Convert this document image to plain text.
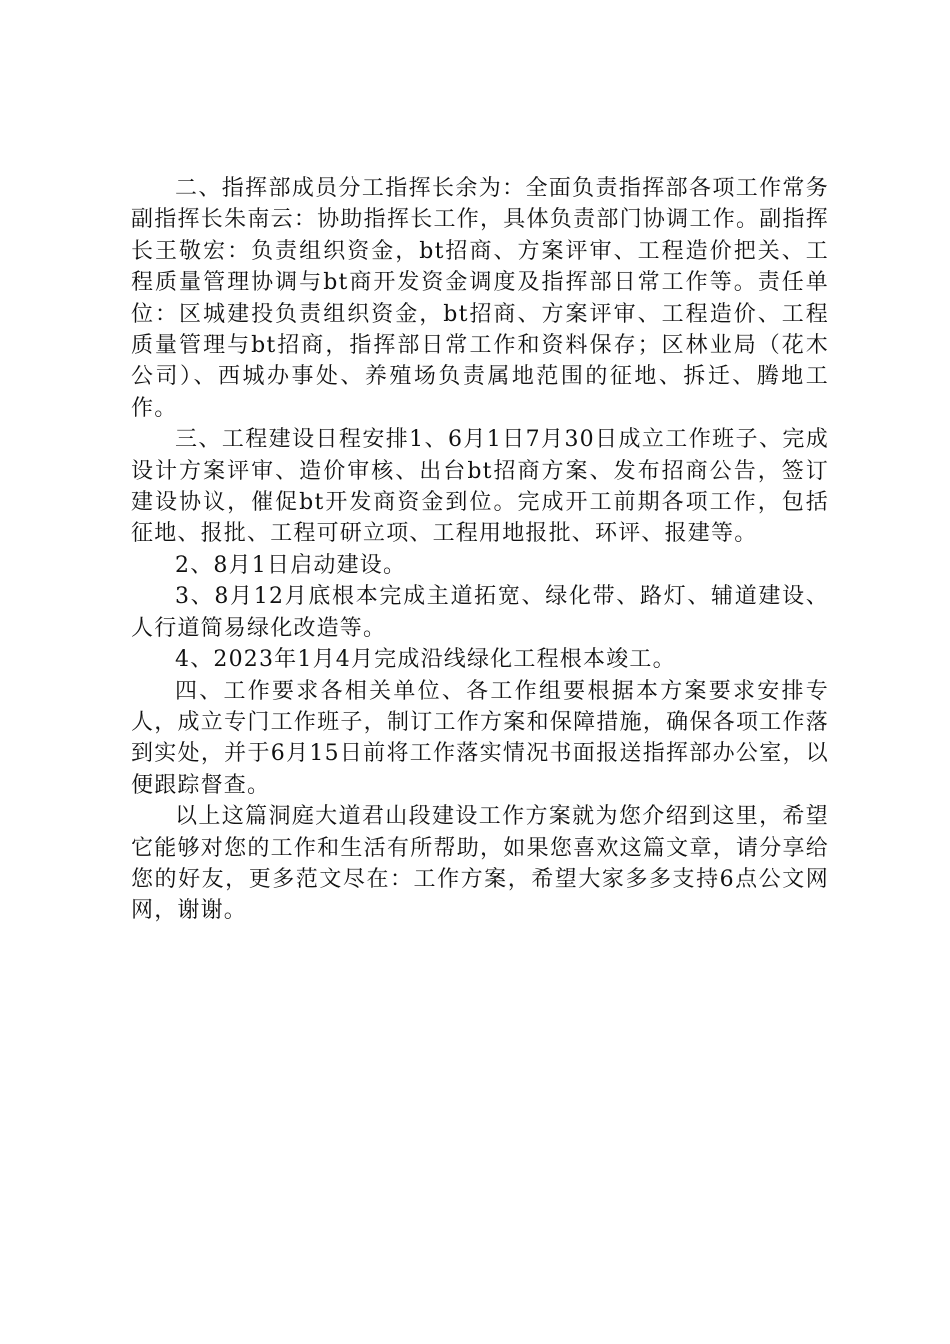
二、指挥部成员分工指挥长余为：全面负责指挥部各项工作常务副指挥长朱南云：协助指挥长工作，具体负责部门协调工作。副指挥长王敬宏：负责组织资金，bt招商、方案评审、工程造价把关、工程质量管理协调与bt商开发资金调度及指挥部日常工作等。责任单位：区城建投负责组织资金，bt招商、方案评审、工程造价、工程质量管理与bt招商，指挥部日常工作和资料保存；区林业局（花木公司）、西城办事处、养殖场负责属地范围的征地、拆迁、腾地工作。

三、工程建设日程安排1、6月1日7月30日成立工作班子、完成设计方案评审、造价审核、出台bt招商方案、发布招商公告，签订建设协议，催促bt开发商资金到位。完成开工前期各项工作，包括征地、报批、工程可研立项、工程用地报批、环评、报建等。

2、8月1日启动建设。

3、8月12月底根本完成主道拓宽、绿化带、路灯、辅道建设、人行道简易绿化改造等。

4、2023年1月4月完成沿线绿化工程根本竣工。

四、工作要求各相关单位、各工作组要根据本方案要求安排专人，成立专门工作班子，制订工作方案和保障措施，确保各项工作落到实处，并于6月15日前将工作落实情况书面报送指挥部办公室，以便跟踪督查。

以上这篇洞庭大道君山段建设工作方案就为您介绍到这里，希望它能够对您的工作和生活有所帮助，如果您喜欢这篇文章，请分享给您的好友，更多范文尽在：工作方案，希望大家多多支持6点公文网网，谢谢。
